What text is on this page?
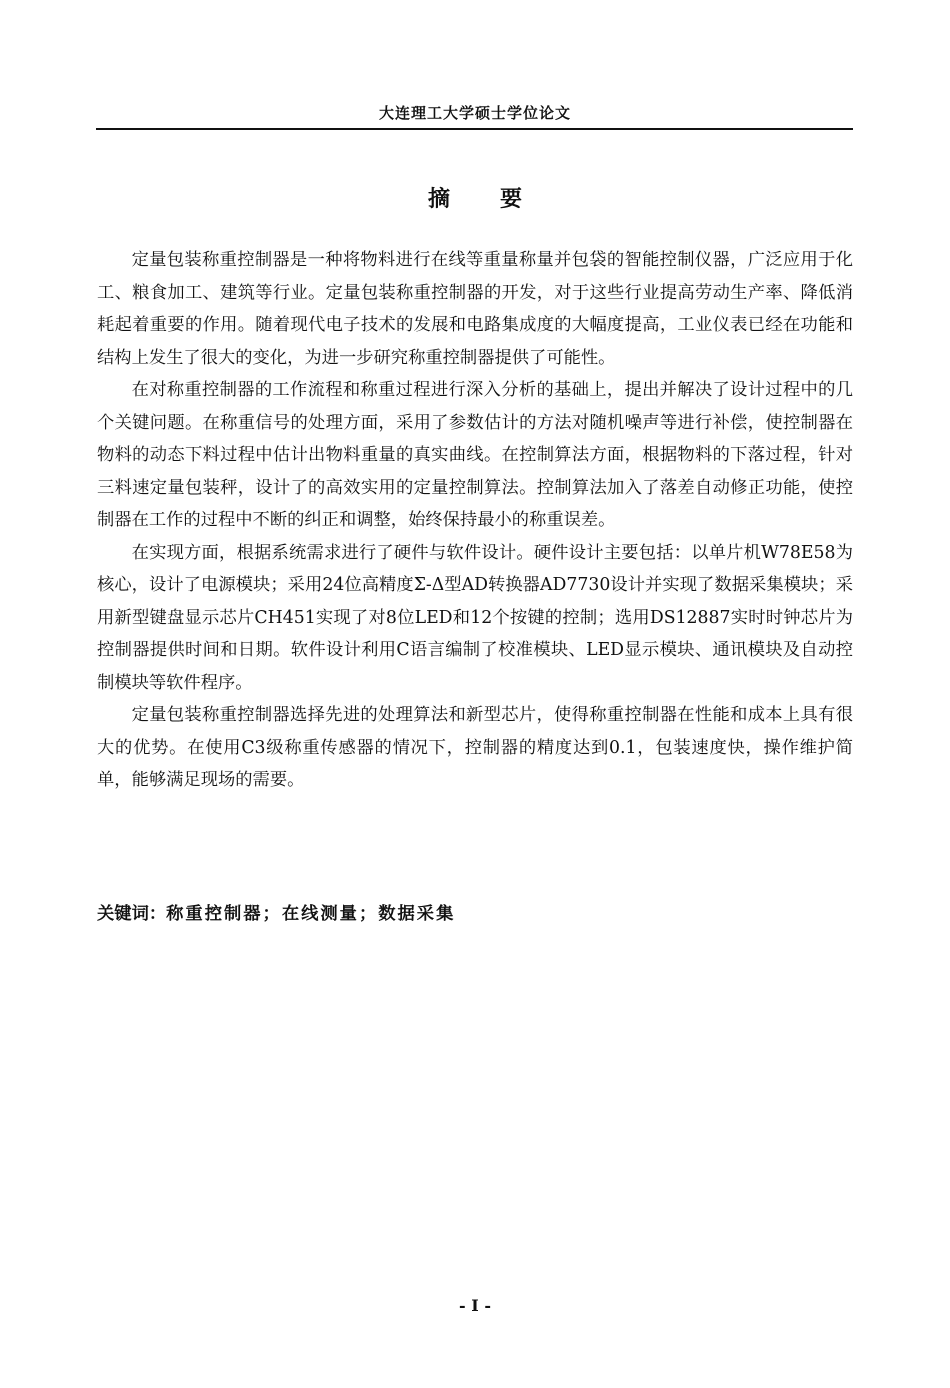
大连理工大学硕士学位论文
摘 要

定量包装称重控制器是一种将物料进行在线等重量称量并包袋的智能控制仪器，广泛应用于化工、粮食加工、建筑等行业。定量包装称重控制器的开发，对于这些行业提高劳动生产率、降低消耗起着重要的作用。随着现代电子技术的发展和电路集成度的大幅度提高，工业仪表已经在功能和结构上发生了很大的变化，为进一步研究称重控制器提供了可能性。

在对称重控制器的工作流程和称重过程进行深入分析的基础上，提出并解决了设计过程中的几个关键问题。在称重信号的处理方面，采用了参数估计的方法对随机噪声等进行补偿，使控制器在物料的动态下料过程中估计出物料重量的真实曲线。在控制算法方面，根据物料的下落过程，针对三料速定量包装秤，设计了的高效实用的定量控制算法。控制算法加入了落差自动修正功能，使控制器在工作的过程中不断的纠正和调整，始终保持最小的称重误差。

在实现方面，根据系统需求进行了硬件与软件设计。硬件设计主要包括：以单片机W78E58为核心，设计了电源模块；采用24位高精度Σ-Δ型AD转换器AD7730设计并实现了数据采集模块；采用新型键盘显示芯片CH451实现了对8位LED和12个按键的控制；选用DS12887实时时钟芯片为控制器提供时间和日期。软件设计利用C语言编制了校准模块、LED显示模块、通讯模块及自动控制模块等软件程序。

定量包装称重控制器选择先进的处理算法和新型芯片，使得称重控制器在性能和成本上具有很大的优势。在使用C3级称重传感器的情况下，控制器的精度达到0.1，包装速度快，操作维护简单，能够满足现场的需要。

关键词：称重控制器；在线测量；数据采集
- I -
